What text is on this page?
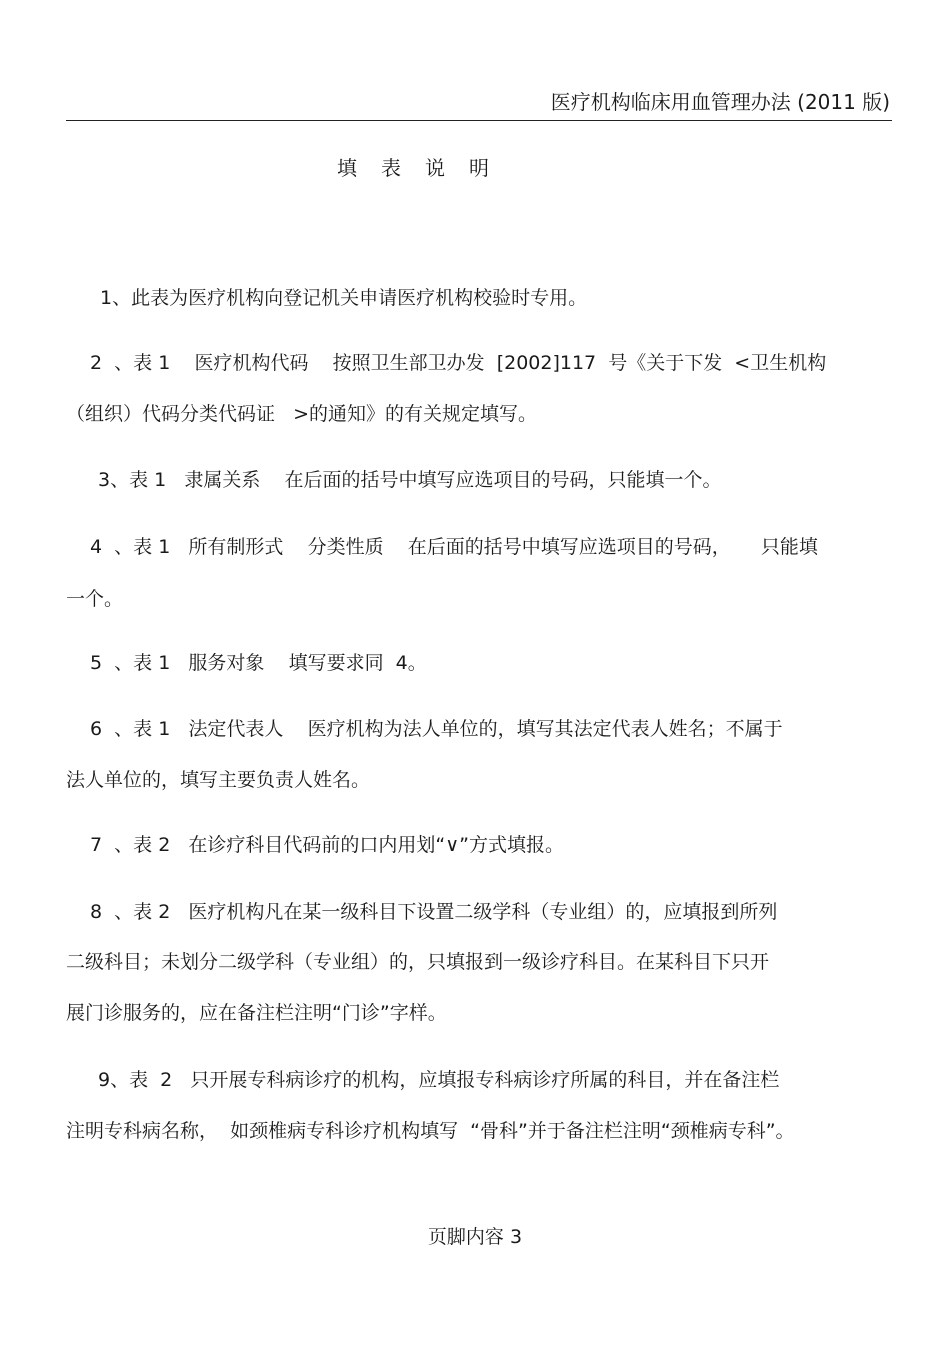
医疗机构临床用血管理办法 (2011 版)
填表说明
1、此表为医疗机构向登记机关申请医疗机构校验时专用。
2  、表 1    医疗机构代码    按照卫生部卫办发  [2002]117  号《关于下发  <卫生机构
（组织）代码分类代码证   >的通知》的有关规定填写。
3、表 1   隶属关系    在后面的括号中填写应选项目的号码，只能填一个。
4  、表 1   所有制形式    分类性质    在后面的括号中填写应选项目的号码，     只能填
一个。
5  、表 1   服务对象    填写要求同  4。
6  、表 1   法定代表人    医疗机构为法人单位的，填写其法定代表人姓名；不属于
法人单位的，填写主要负责人姓名。
7  、表 2   在诊疗科目代码前的口内用划“∨”方式填报。
8  、表 2   医疗机构凡在某一级科目下设置二级学科（专业组）的，应填报到所列
二级科目；未划分二级学科（专业组）的，只填报到一级诊疗科目。在某科目下只开
展门诊服务的，应在备注栏注明“门诊”字样。
9、表  2   只开展专科病诊疗的机构，应填报专科病诊疗所属的科目，并在备注栏
注明专科病名称，  如颈椎病专科诊疗机构填写  “骨科”并于备注栏注明“颈椎病专科”。
页脚内容 3
